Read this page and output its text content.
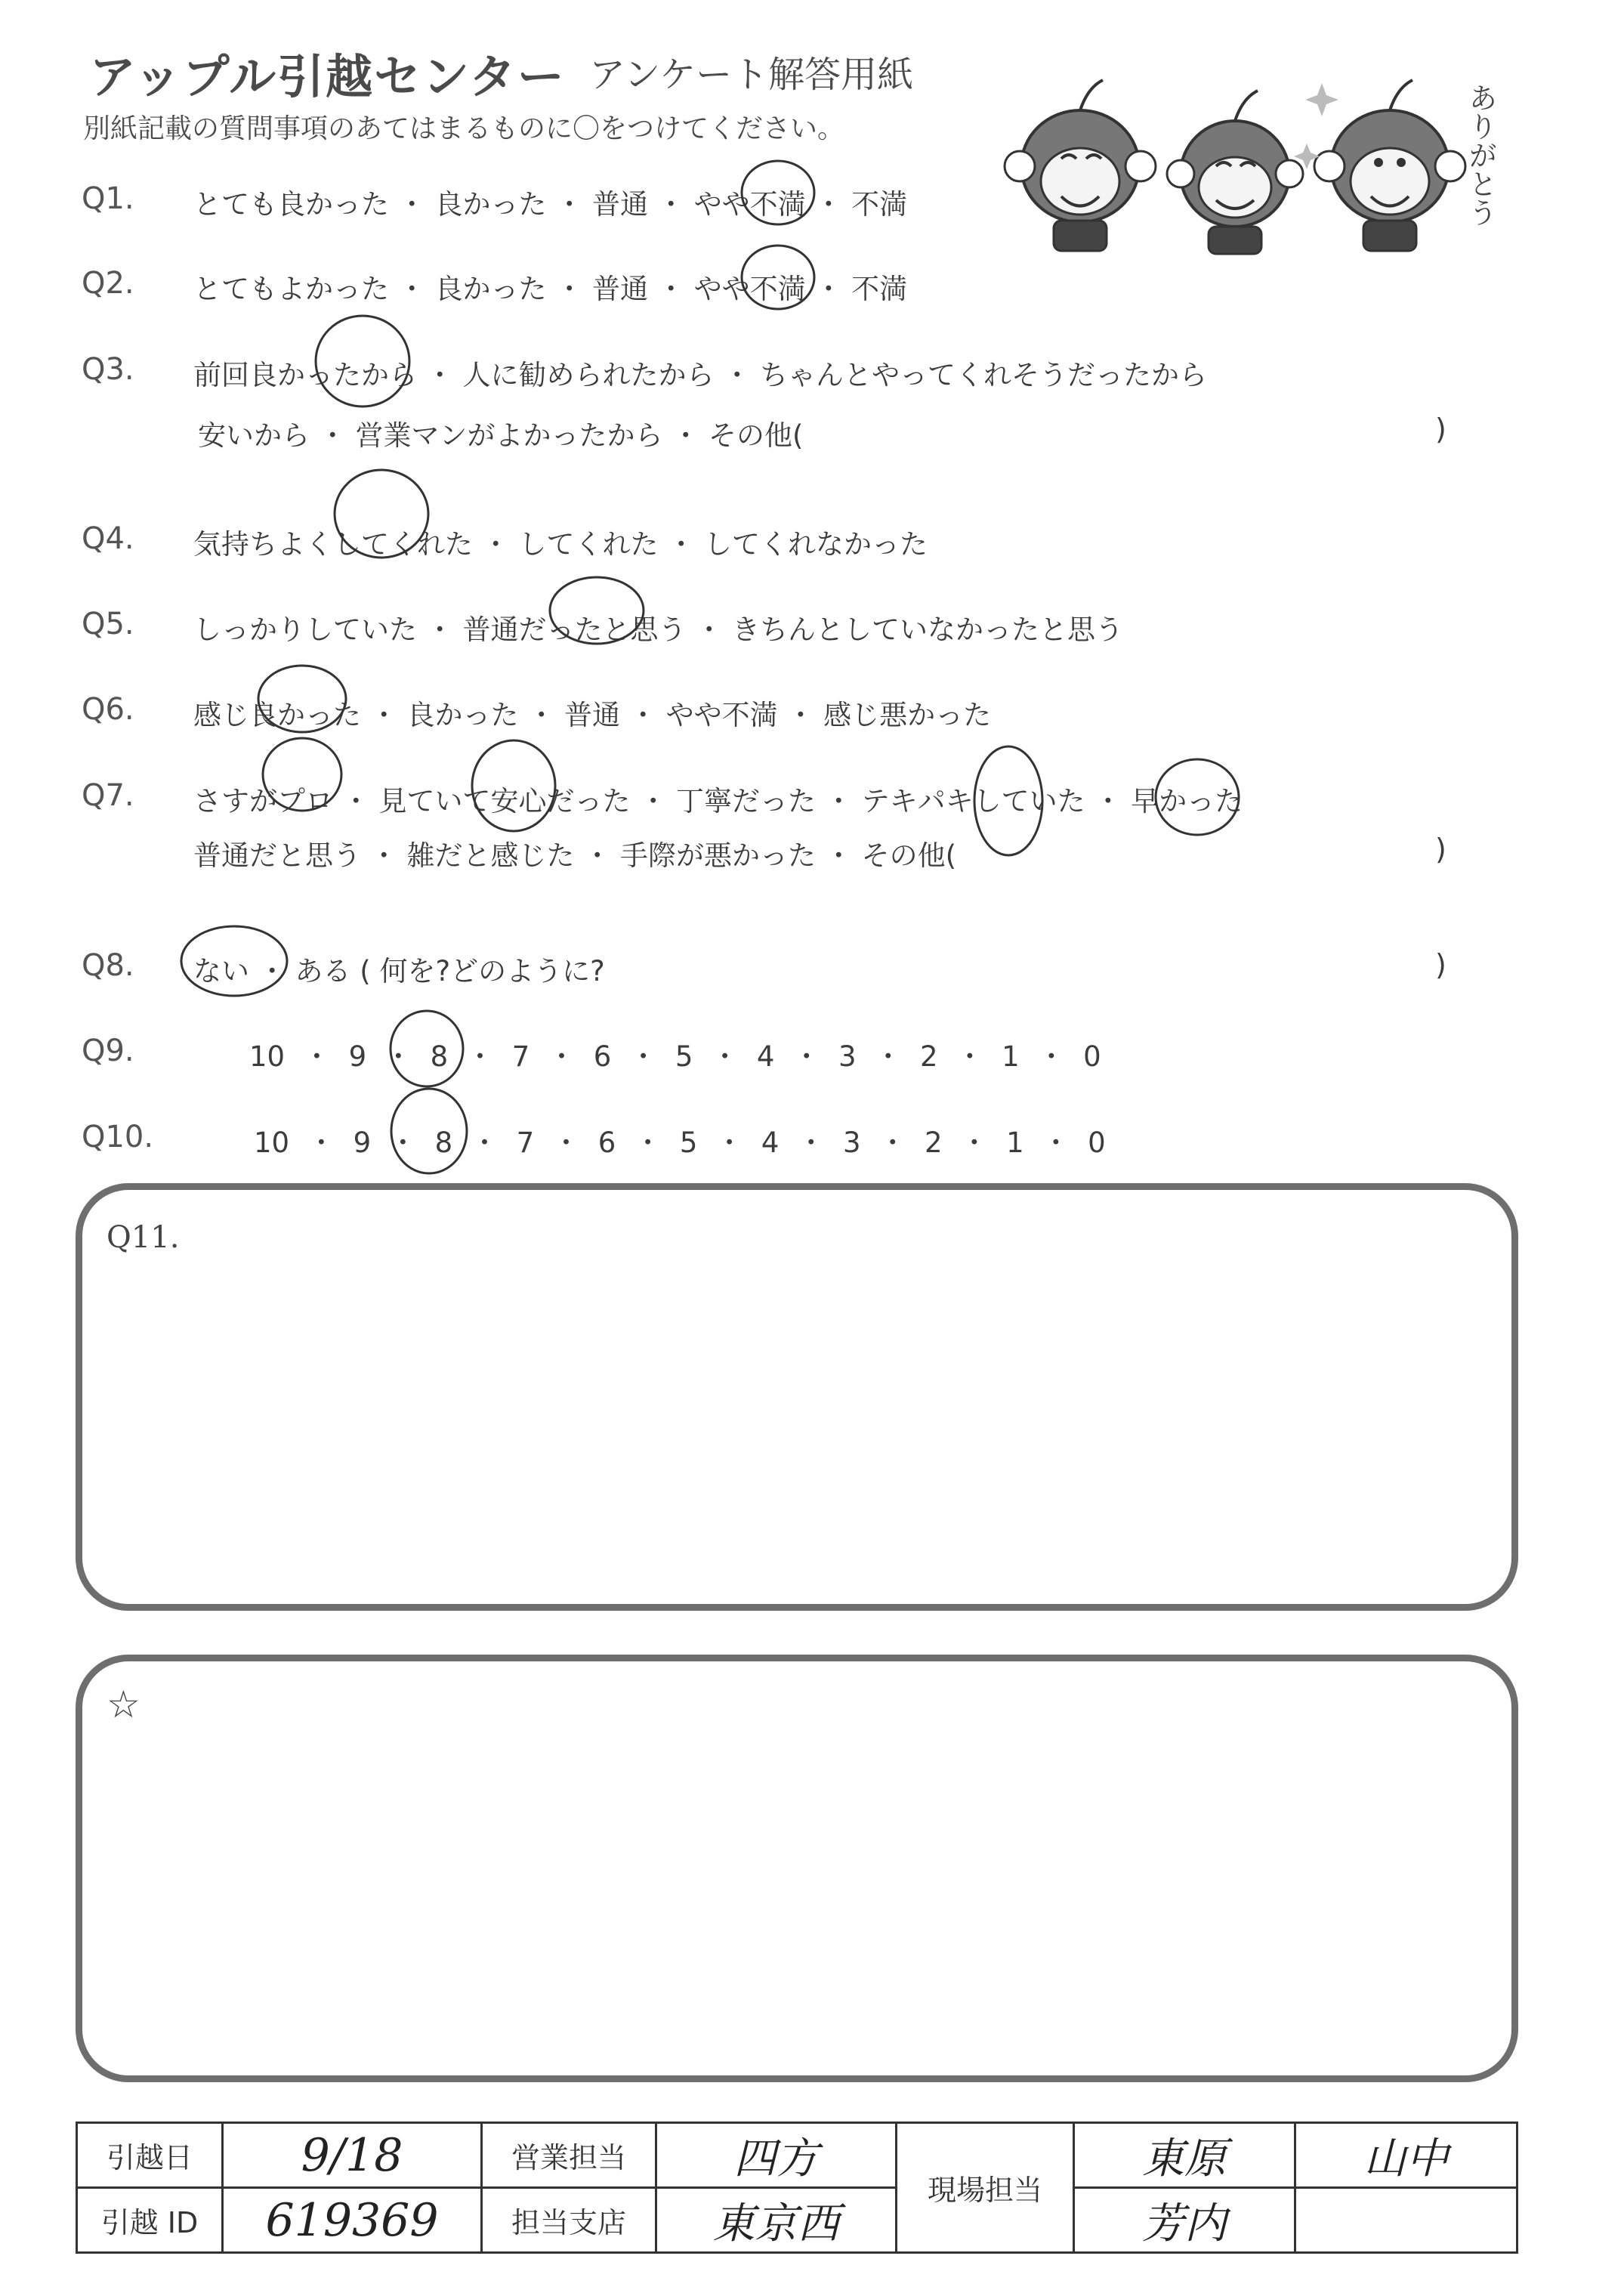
アップル引越センター アンケート解答用紙
別紙記載の質問事項のあてはまるものに〇をつけてください。	ありがとう
Q1. とても良かった ・ 良かった ・ 普通 ・ やや不満 ・ 不満
Q2. とてもよかった ・ 良かった ・ 普通 ・ やや不満 ・ 不満
Q3. 前回良かったから ・ 人に勧められたから ・ ちゃんとやってくれそうだったから
安いから ・ 営業マンがよかったから ・ その他(	)
Q4. 気持ちよくしてくれた ・ してくれた ・ してくれなかった
Q5. しっかりしていた ・ 普通だったと思う ・ きちんとしていなかったと思う
Q6. 感じ良かった ・ 良かった ・ 普通 ・ やや不満 ・ 感じ悪かった
Q7. さすがプロ ・ 見ていて安心だった ・ 丁寧だった ・ テキパキしていた ・ 早かった
普通だと思う ・ 雑だと感じた ・ 手際が悪かった ・ その他(	)
Q8. ない ・ ある ( 何を?どのように?	)
Q9.	10 ・ 9 ・ 8 ・ 7 ・ 6 ・ 5 ・ 4 ・ 3 ・ 2 ・ 1 ・ 0
Q10.	10 ・ 9 ・ 8 ・ 7 ・ 6 ・ 5 ・ 4 ・ 3 ・ 2 ・ 1 ・ 0
Q11.
☆
引越日	9/18	営業担当	四方	現場担当	東原	山中
引越 ID	619369	担当支店	東京西		芳内	
